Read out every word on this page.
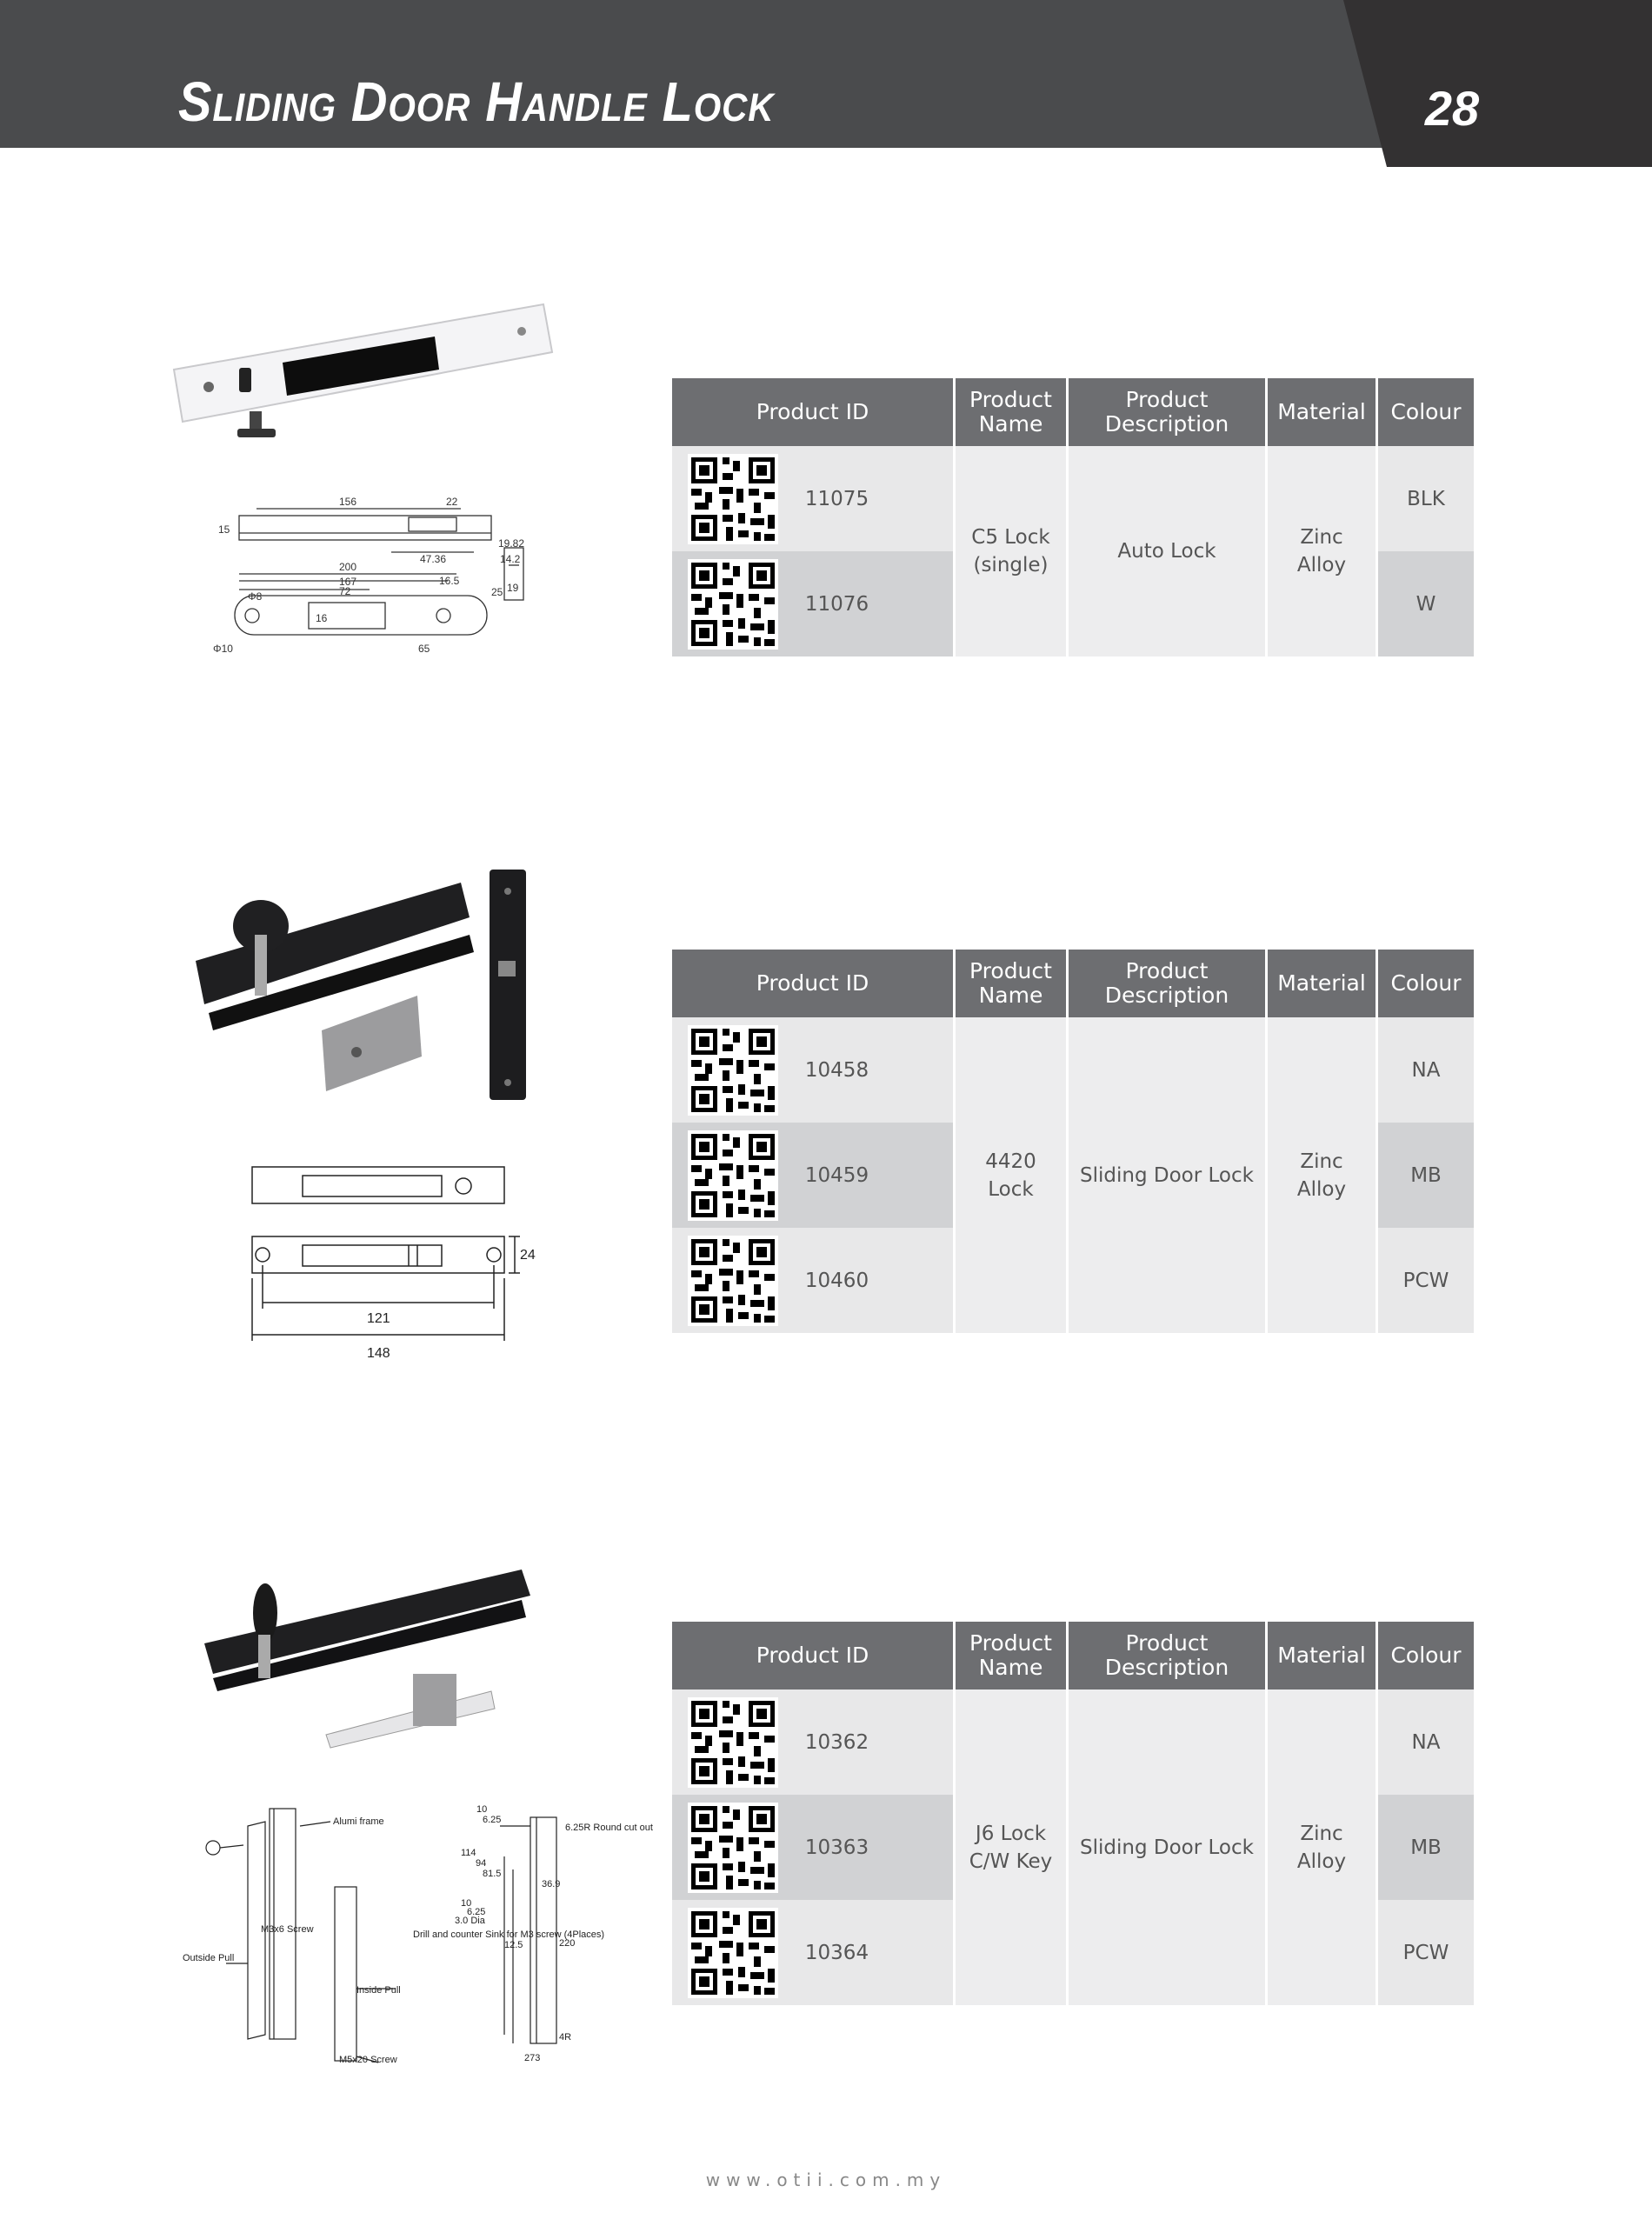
Sliding Door Handle Lock	28
156	22
15
47.36
200
167
72
16.5
19.82
14.2
25 19
16
Φ10
Φ8
65
24
121
148
Alumi frame
M3x6 Screw
Outside Pull
Inside Pull
M5x20 Screw
10
6.25
6.25R Round cut out
114
94
81.5
36.9
10
6.25
3.0 Dia
Drill and counter Sink for M3 screw (4Places)
12.5	220
4R
273
Product ID	Product Name	Product Description	Material	Colour

11075	C5 Lock (single)	Auto Lock	Zinc Alloy	BLK

11076				W
Product ID	Product Name	Product Description	Material	Colour

10458	4420 Lock	Sliding Door Lock	Zinc Alloy	NA

10459				MB

10460				PCW
Product ID	Product Name	Product Description	Material	Colour

10362	J6 Lock C/W Key	Sliding Door Lock	Zinc Alloy	NA

10363				MB

10364				PCW
www.otii.com.my
